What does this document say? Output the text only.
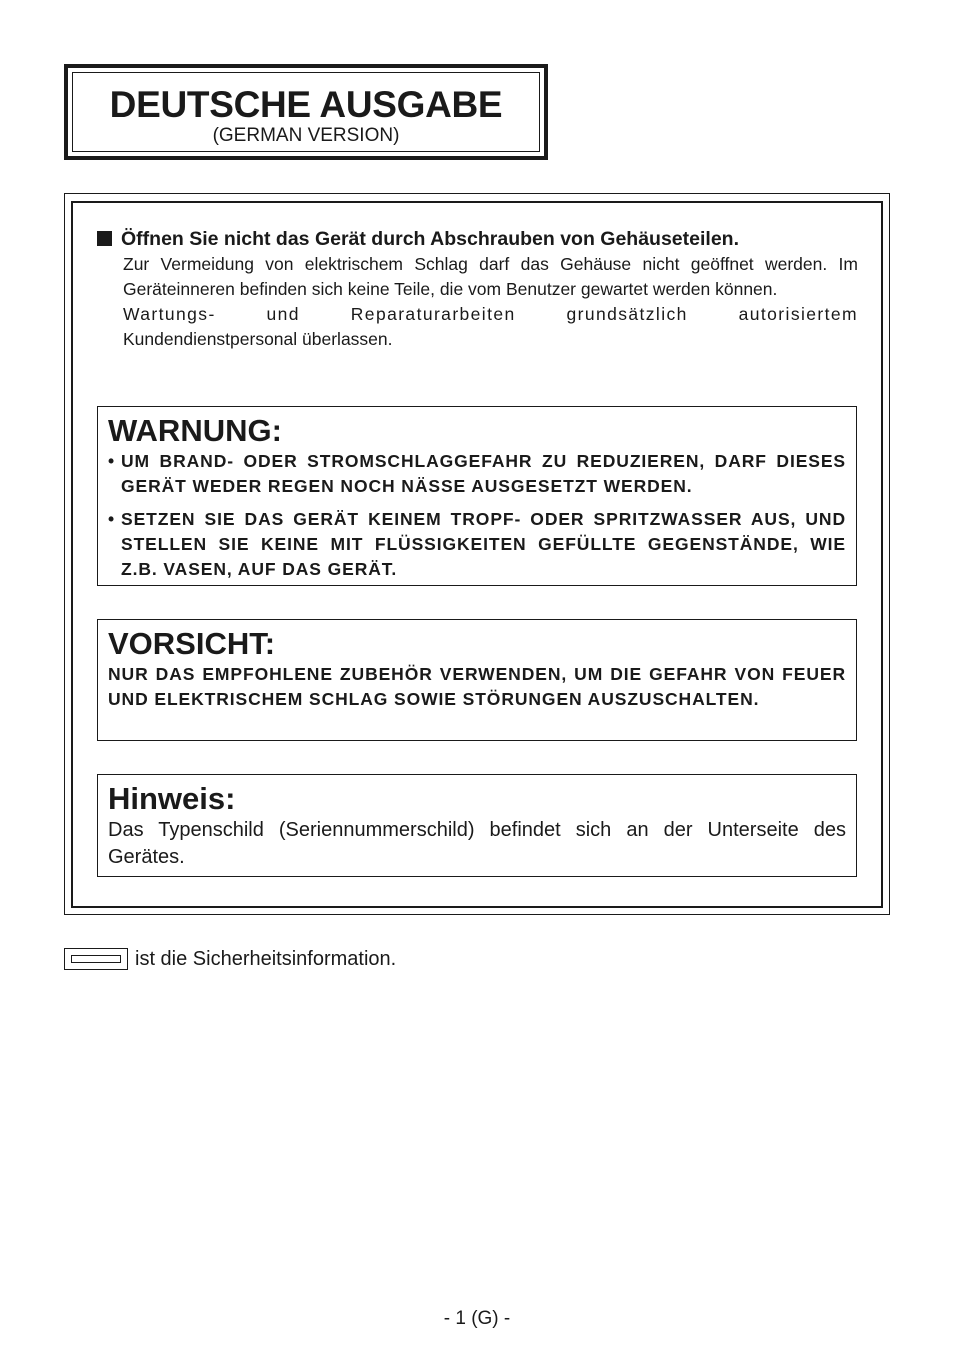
DEUTSCHE AUSGABE
(GERMAN VERSION)
Öffnen Sie nicht das Gerät durch Abschrauben von Gehäuseteilen.

Zur Vermeidung von elektrischem Schlag darf das Gehäuse nicht geöffnet werden. Im Geräteinneren befinden sich keine Teile, die vom Benutzer gewartet werden können.

Wartungs- und Reparaturarbeiten grundsätzlich autorisiertem

Kundendienstpersonal überlassen.

WARNUNG:
• UM BRAND- ODER STROMSCHLAGGEFAHR ZU REDUZIEREN, DARF DIESES GERÄT WEDER REGEN NOCH NÄSSE AUSGESETZT WERDEN.
• SETZEN SIE DAS GERÄT KEINEM TROPF- ODER SPRITZWASSER AUS, UND STELLEN SIE KEINE MIT FLÜSSIGKEITEN GEFÜLLTE GEGENSTÄNDE, WIE Z.B. VASEN, AUF DAS GERÄT.
VORSICHT:
NUR DAS EMPFOHLENE ZUBEHÖR VERWENDEN, UM DIE GEFAHR VON FEUER UND ELEKTRISCHEM SCHLAG SOWIE STÖRUNGEN AUSZUSCHALTEN.
Hinweis:
Das Typenschild (Seriennummerschild) befindet sich an der Unterseite des Gerätes.
ist die Sicherheitsinformation.
- 1 (G) -
